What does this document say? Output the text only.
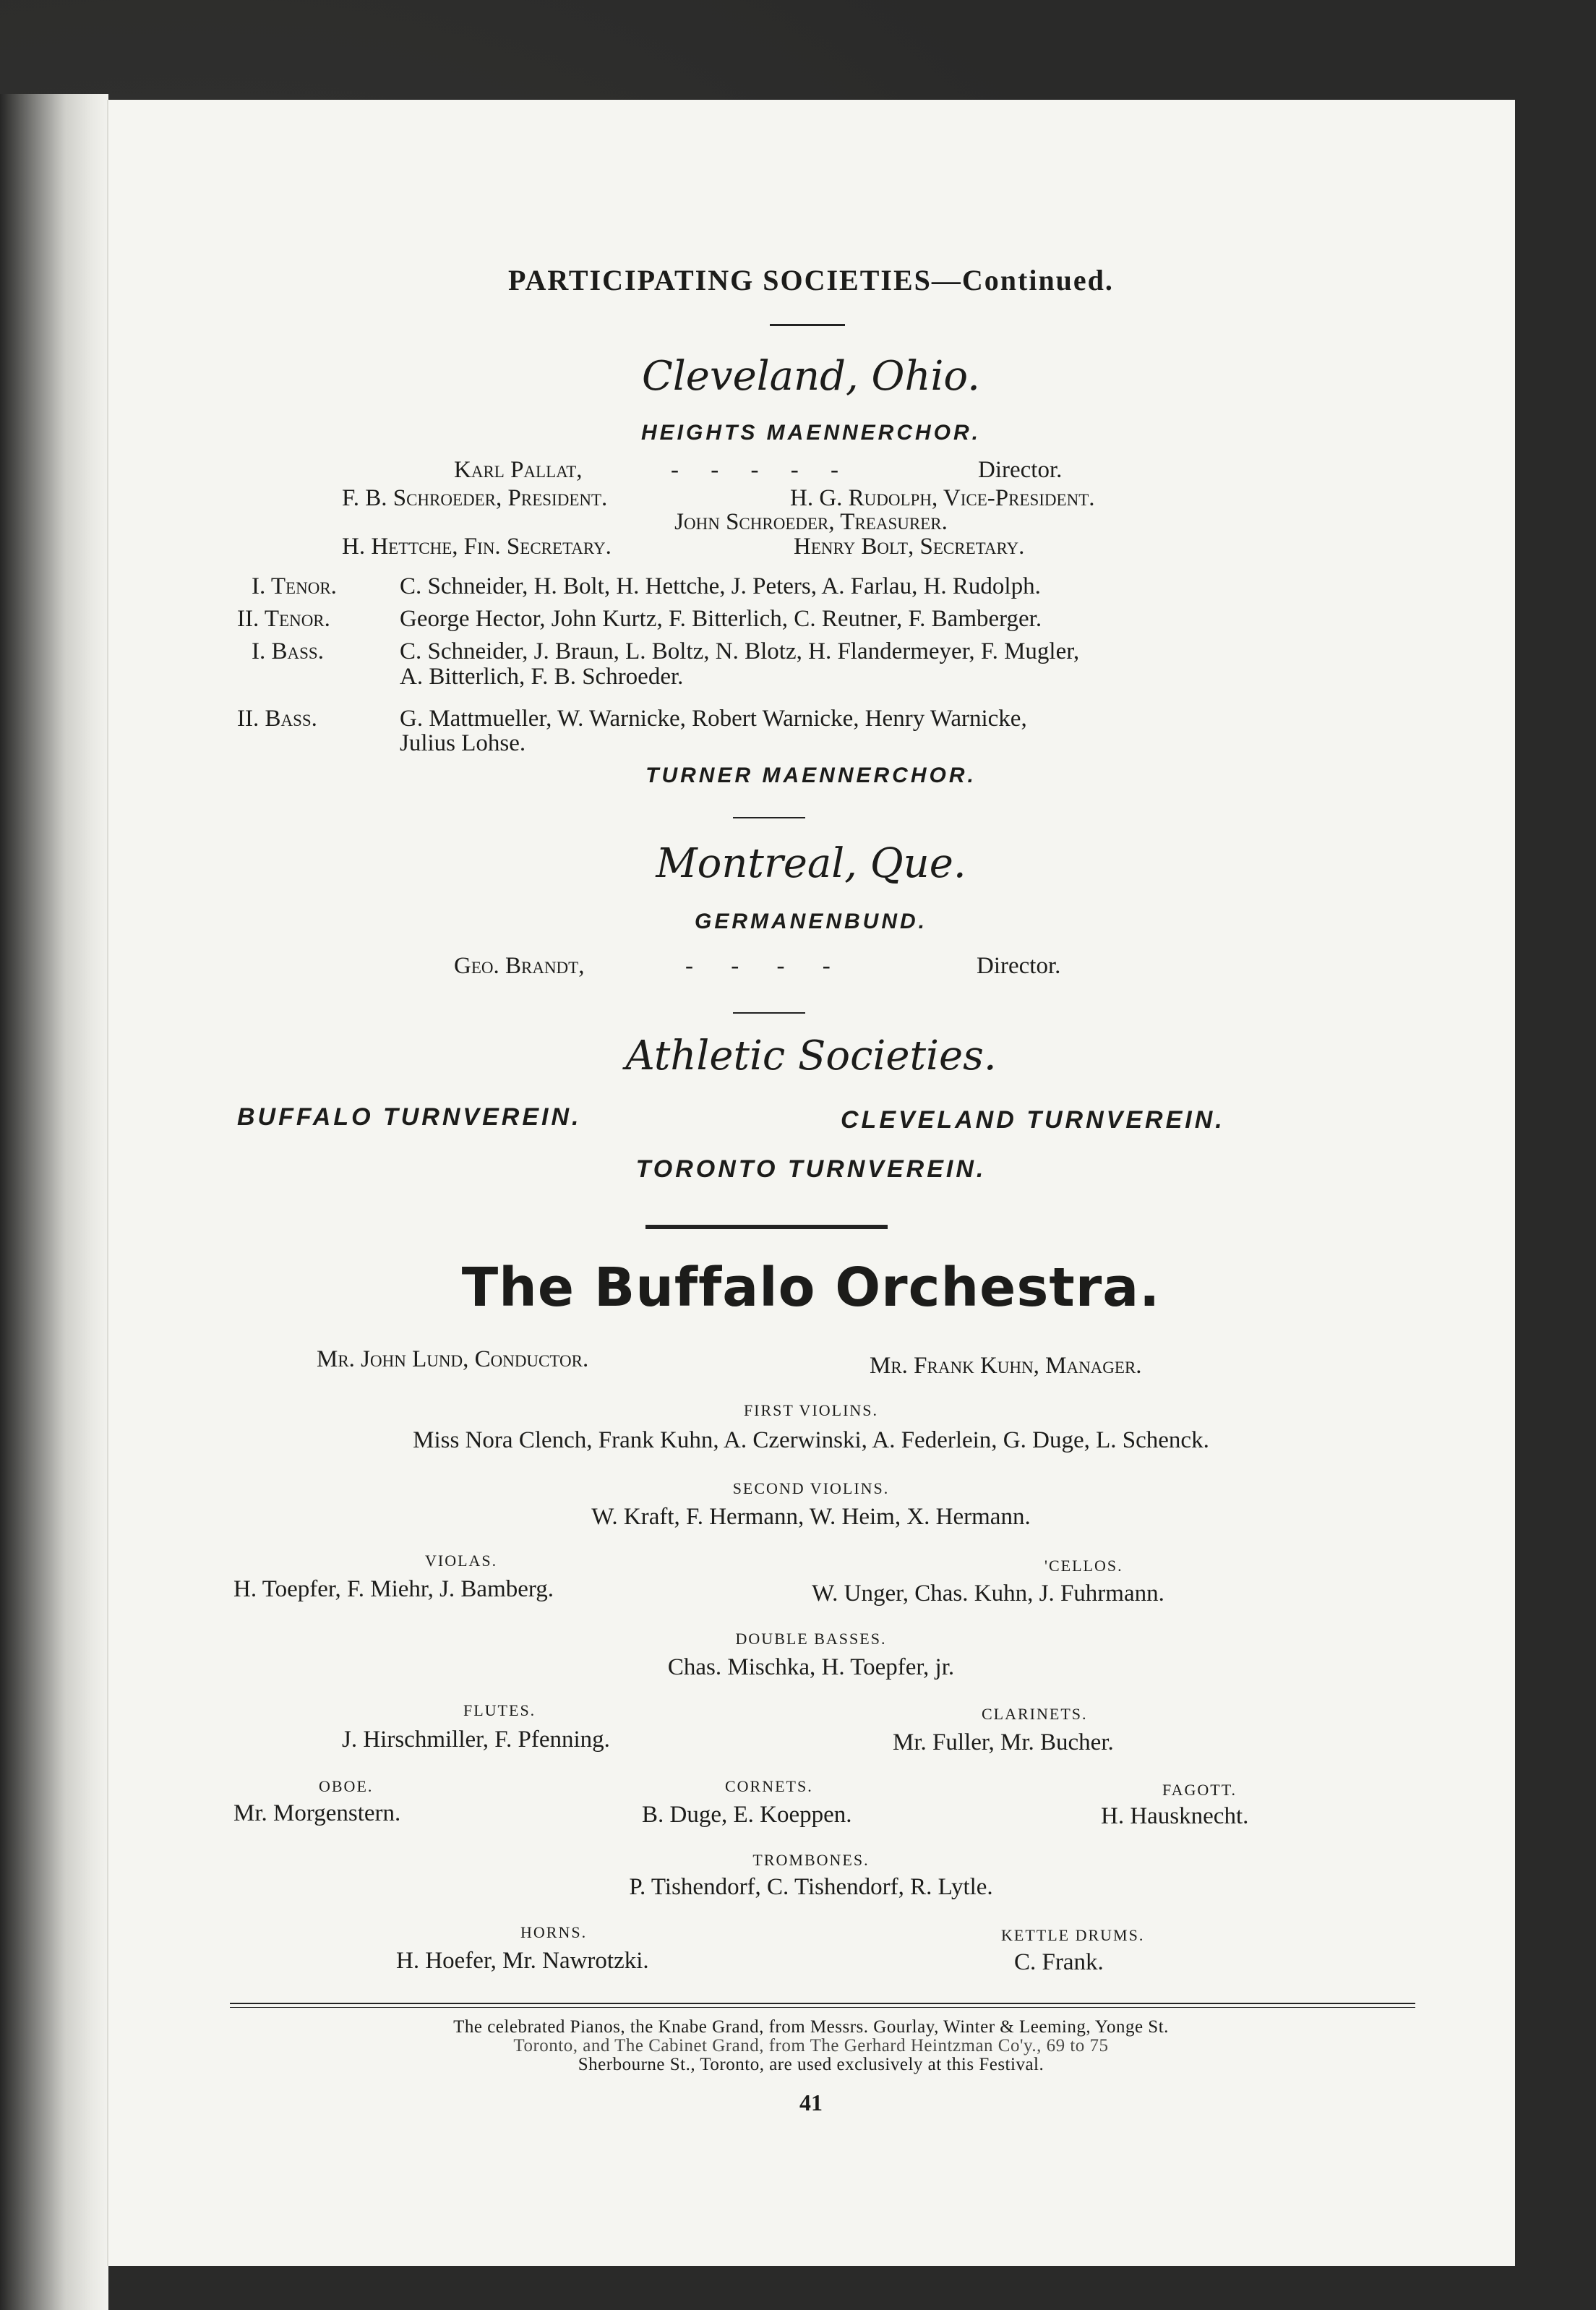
PARTICIPATING SOCIETIES—Continued.
Cleveland, Ohio.
HEIGHTS MAENNERCHOR.
Karl Pallat,	- - - - -	Director.
F. B. Schroeder, President.	H. G. Rudolph, Vice-President.
John Schroeder, Treasurer.
H. Hettche, Fin. Secretary.	Henry Bolt, Secretary.
I. Tenor.	C. Schneider, H. Bolt, H. Hettche, J. Peters, A. Farlau, H. Rudolph.
II. Tenor.	George Hector, John Kurtz, F. Bitterlich, C. Reutner, F. Bamberger.
I. Bass.	C. Schneider, J. Braun, L. Boltz, N. Blotz, H. Flandermeyer, F. Mugler,
A. Bitterlich, F. B. Schroeder.
II. Bass.	G. Mattmueller, W. Warnicke, Robert Warnicke, Henry Warnicke,
Julius Lohse.
TURNER MAENNERCHOR.
Montreal, Que.
GERMANENBUND.
Geo. Brandt,	- - - -	Director.
Athletic Societies.
BUFFALO TURNVEREIN.	CLEVELAND TURNVEREIN.
TORONTO TURNVEREIN.
The Buffalo Orchestra.
Mr. John Lund, Conductor.	Mr. Frank Kuhn, Manager.
FIRST VIOLINS.
Miss Nora Clench, Frank Kuhn, A. Czerwinski, A. Federlein, G. Duge, L. Schenck.
SECOND VIOLINS.
W. Kraft, F. Hermann, W. Heim, X. Hermann.
VIOLAS.
H. Toepfer, F. Miehr, J. Bamberg.
'CELLOS.
W. Unger, Chas. Kuhn, J. Fuhrmann.
DOUBLE BASSES.
Chas. Mischka, H. Toepfer, jr.
FLUTES.
J. Hirschmiller, F. Pfenning.
CLARINETS.
Mr. Fuller, Mr. Bucher.
OBOE.
Mr. Morgenstern.
CORNETS.
B. Duge, E. Koeppen.
FAGOTT.
H. Hausknecht.
TROMBONES.
P. Tishendorf, C. Tishendorf, R. Lytle.
HORNS.
H. Hoefer, Mr. Nawrotzki.
KETTLE DRUMS.
C. Frank.
The celebrated Pianos, the Knabe Grand, from Messrs. Gourlay, Winter & Leeming, Yonge St.
Toronto, and The Cabinet Grand, from The Gerhard Heintzman Co'y., 69 to 75
Sherbourne St., Toronto, are used exclusively at this Festival.
41
